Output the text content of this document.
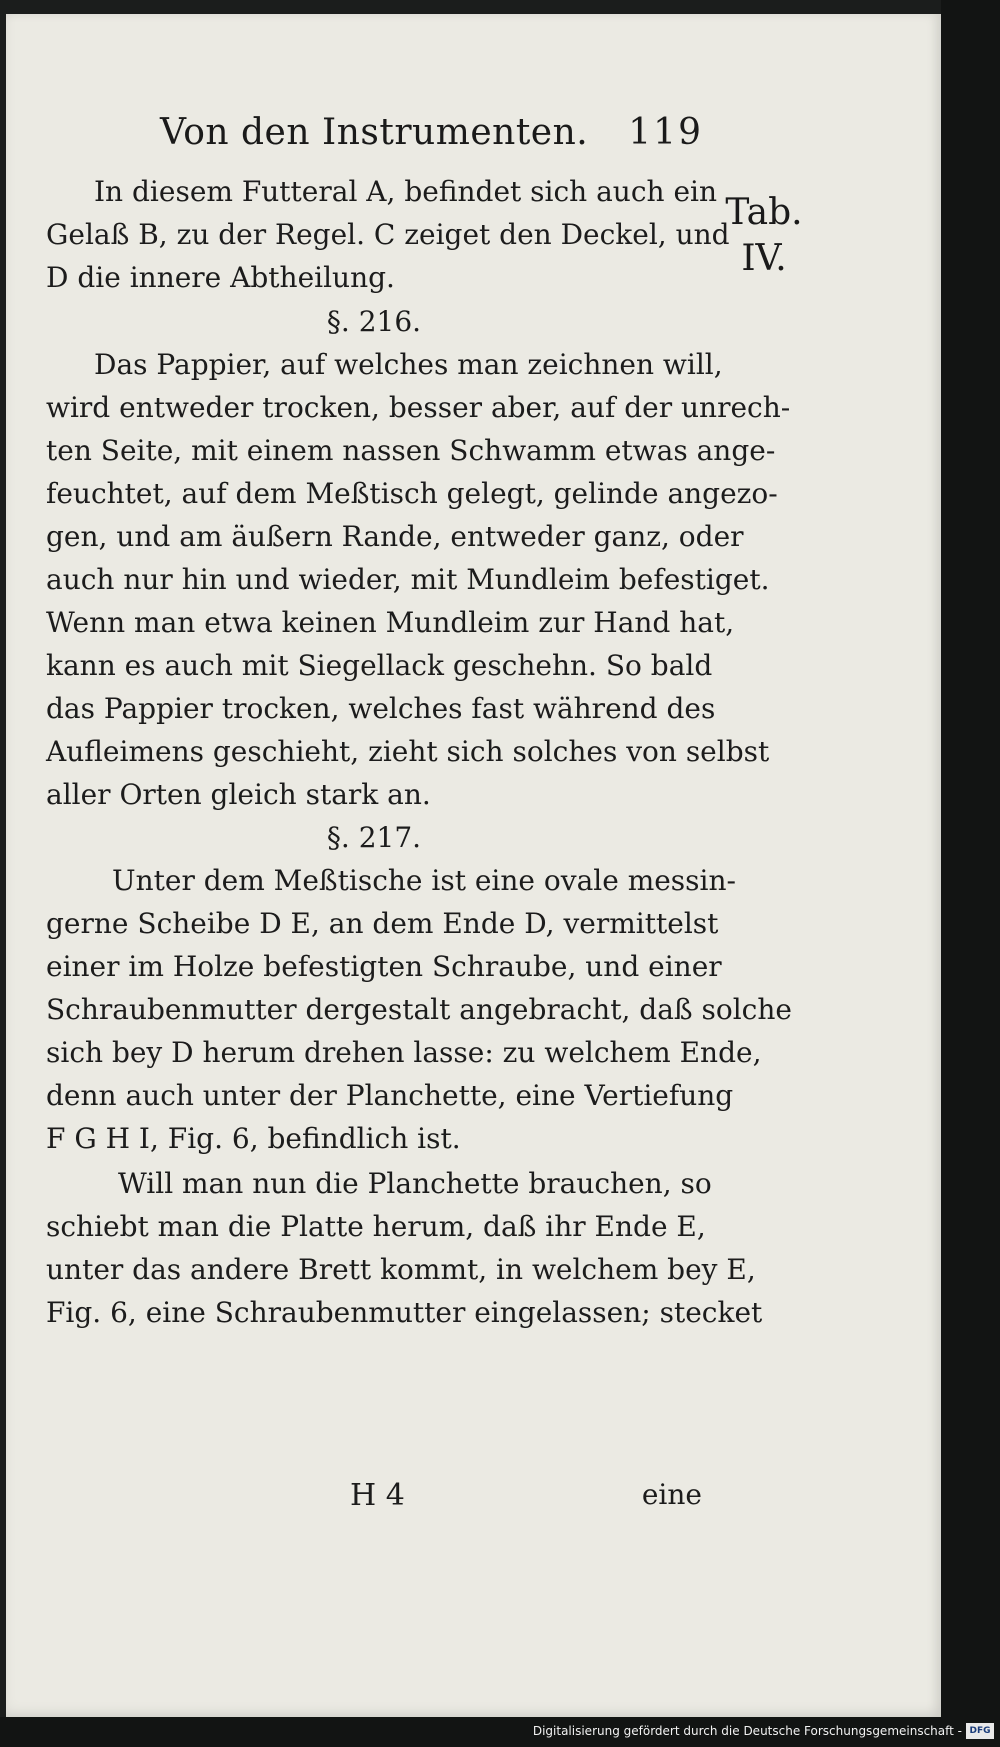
Von den Instrumenten.	119
Tab.
IV.
In diesem Futteral A, befindet sich auch ein
Gelaß B, zu der Regel. C zeiget den Deckel, und
D die innere Abtheilung.
§. 216.
Das Pappier, auf welches man zeichnen will,
wird entweder trocken, besser aber, auf der unrech-
ten Seite, mit einem nassen Schwamm etwas ange-
feuchtet, auf dem Meßtisch gelegt, gelinde angezo-
gen, und am äußern Rande, entweder ganz, oder
auch nur hin und wieder, mit Mundleim befestiget.
Wenn man etwa keinen Mundleim zur Hand hat,
kann es auch mit Siegellack geschehn. So bald
das Pappier trocken, welches fast während des
Aufleimens geschieht, zieht sich solches von selbst
aller Orten gleich stark an.
§. 217.
Unter dem Meßtische ist eine ovale messin-
gerne Scheibe D E, an dem Ende D, vermittelst
einer im Holze befestigten Schraube, und einer
Schraubenmutter dergestalt angebracht, daß solche
sich bey D herum drehen lasse: zu welchem Ende,
denn auch unter der Planchette, eine Vertiefung
F G H I, Fig. 6, befindlich ist.
Will man nun die Planchette brauchen, so
schiebt man die Platte herum, daß ihr Ende E,
unter das andere Brett kommt, in welchem bey E,
Fig. 6, eine Schraubenmutter eingelassen; stecket
H 4	eine
Digitalisierung gefördert durch die Deutsche Forschungsgemeinschaft - DFG
